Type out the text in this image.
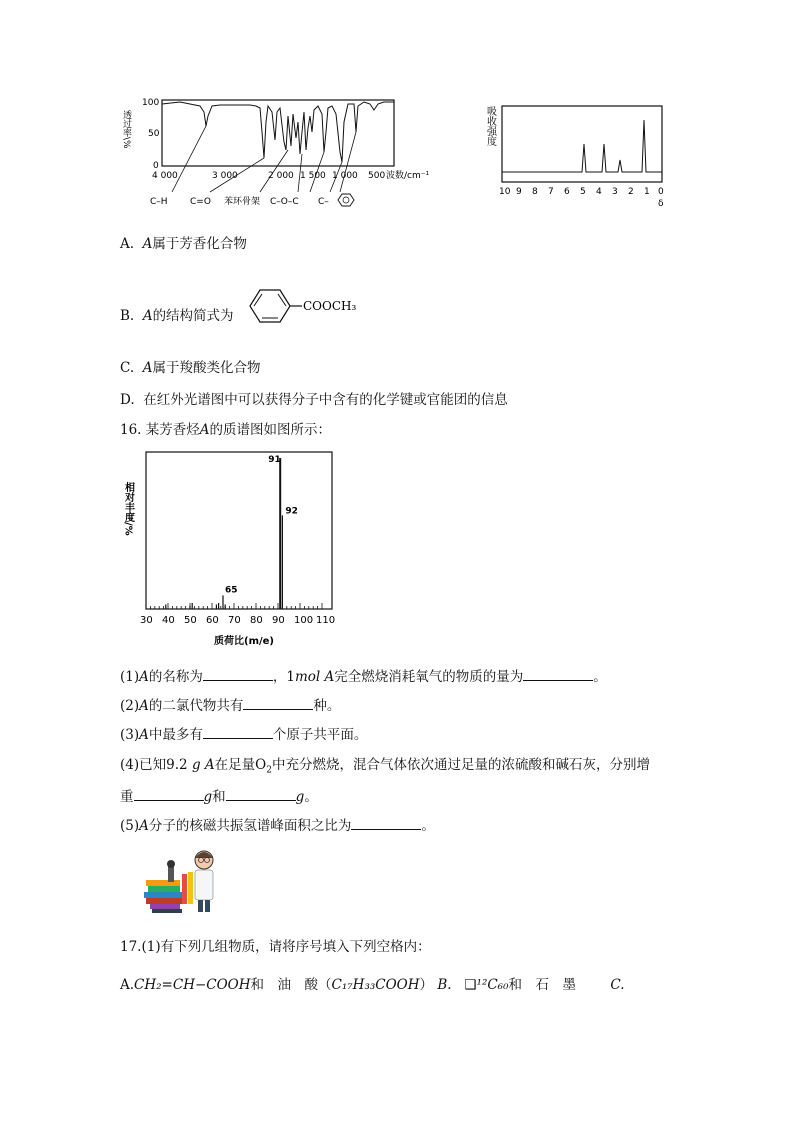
透过率\%
100
50
0
4 000	3 000	2 000 1 500 1 000 500 波数/cm⁻¹
C–H C=O 苯环骨架 C–O–C C–
吸收强度
10 9 8 7 6 5 4 3 2 1 0
δ
A. A属于芳香化合物
B. A的结构简式为
COOCH₃
C. A属于羧酸类化合物
D. 在红外光谱图中可以获得分子中含有的化学键或官能团的信息
16. 某芳香烃A的质谱图如图所示：
相对丰度/%
30 40 50 60 70 80 90 100 110
91
92
65
质荷比(m/e)
(1)A的名称为	，1mol A完全燃烧消耗氧气的物质的量为	。
(2)A的二氯代物共有	种。
(3)A中最多有	个原子共平面。
(4)已知9.2 g A在足量$O_2$中充分燃烧，混合气体依次通过足量的浓硫酸和碱石灰，分别增
重	g和	g。
(5)A分子的核磁共振氢谱峰面积之比为	。
17.(1)有下列几组物质，请将序号填入下列空格内：
A.CH₂=CH−COOH和　油　酸（C₁₇H₃₃COOH） B. ❑¹²C₆₀和　石　墨	C.
